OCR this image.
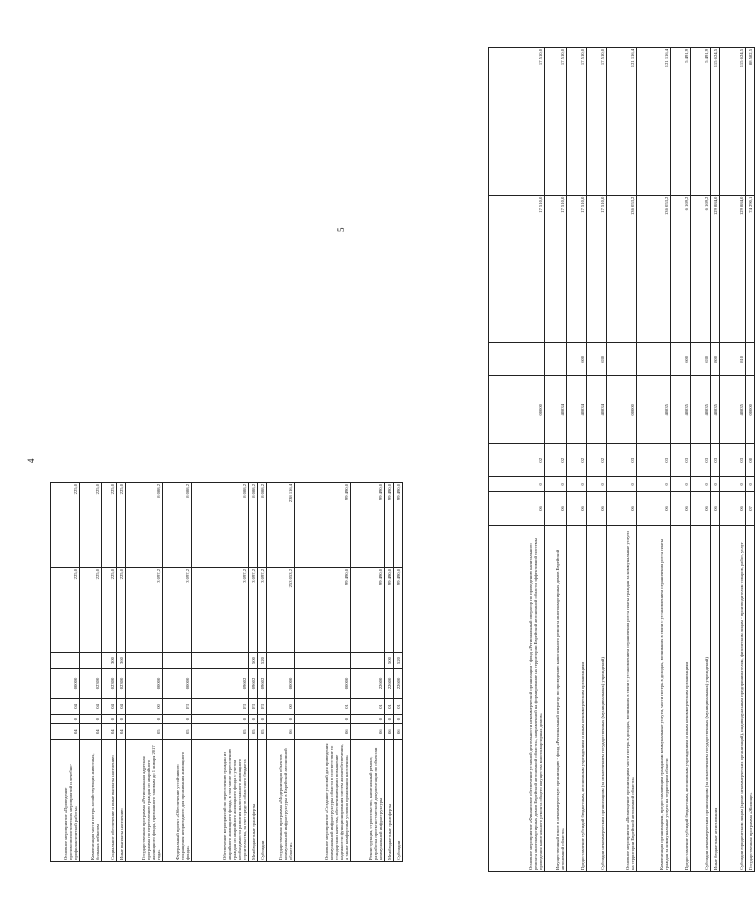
4
Основное мероприятие «Проведение противоэпизоотических мероприятий и лечебно-профилактической работы»	04	0	04	00000		225,0	225,0
Компенсация части потерь хозяйствующих животных, больных лейкозом	04	0	04	02300		225,0	225,0
Социальное обеспечение и иные выплаты населению	04	0	04	02300	300	225,0	225,0
Иные выплаты населению	04	0	04	02300	360	225,0	225,0
Государственная программа «Региональная адресная программа по переселению граждан из аварийного жилищного фонда, признанного таковым до 1 января 2017 года»	05	0	00	00000		3 097,2	8 088,2
Федеральный проект «Обеспечение устойчивого сокращения непригодного для проживания жилищного фонда»	05	0	F3	00000		3 097,2	8 088,2
Обеспечение мероприятий по переселению граждан из аварийного жилищного фонда, в том числе переселению граждан из аварийного жилищного фонда с учетом необходимости развития малоэтажного жилищного строительства, за счет средств областного бюджета	05	0	F3	09602		3 097,2	8 088,2
Межбюджетные трансферты	05	0	F3	09602	500	3 097,2	8 088,2
Субсидии	05	0	F3	09602	520	3 097,2	8 088,2
Государственная программа «Модернизация объектов коммунальной инфраструктуры в Еврейской автономной области»	06	0	00	00000		253 053,2	238 116,4
Основное мероприятие «Создание условий для приведения коммунальной инфраструктуры области в соответствие со стандартами качества, обеспечивающими повышение надежности функционирования систем жизнеобеспечения, а также комфортные условия проживания населения»	06	0	01	00000		99 490,0	99 490,0
Реконструкция, строительство, капитальный ремонт, разработка проектно-сметной документации по объектам коммунальной инфраструктуры	06	0	01	22600		99 490,0	99 490,0
Межбюджетные трансферты	06	0	01	22600	500	99 490,0	99 490,0
Субсидии	06	0	01	22600	520	99 490,0	99 490,0
5
Основное мероприятие «Финансовое обеспечение уставной деятельности некоммерческой организации - фонд «Региональный оператор по проведению капитального ремонта многоквартирных домов Еврейской автономной области», направленной на формирование на территории Еврейской автономной области эффективной системы проведения капитального ремонта общего имущества многоквартирных домов»	06	0	02	00000		17 510,0	17 510,0
Имущественный взнос в некоммерческую организацию - фонд «Региональный оператор по проведению капитального ремонта многоквартирных домов Еврейской автономной области»	06	0	02	40834		17 510,0	17 510,0
Предоставление субсидий бюджетным, автономным учреждениям и иным некоммерческим организациям	06	0	02	40834	600	17 510,0	17 510,0
Субсидии некоммерческим организациям (за исключением государственных (муниципальных) учреждений)	06	0	02	40834	630	17 510,0	17 510,0
Основное мероприятие «Возмещение организациям части потерь в доходах, возникших в связи с установлением ограничения роста платы граждан за коммунальные услуги на территории Еврейской автономной области»	06	0	03	00000		136 053,2	121 116,4
Компенсация организациям, предоставляющим гражданам коммунальные услуги, части потерь в доходах, возникших в связи с установлением ограничения роста платы граждан за коммунальные услуги на территории области	06	0	03	40835		136 053,2	121 116,4
Предоставление субсидий бюджетным, автономным учреждениям и иным некоммерческим организациям	06	0	03	40835	600	6 169,2	5 491,9
Субсидии некоммерческим организациям (за исключением государственных (муниципальных) учреждений)	06	0	03	40835	630	6 169,2	5 491,9
Иные бюджетные ассигнования	06	0	03	40835	800	129 884,0	115 624,5
Субсидии юридическим лицам (кроме некоммерческих организаций), индивидуальным предпринимателям, физическим лицам - производителям товаров, работ, услуг	06	0	03	40835	810	129 884,0	115 624,5
Государственная программа «Жилище»	07	0	00	00000		74 290,1	88 582,5
